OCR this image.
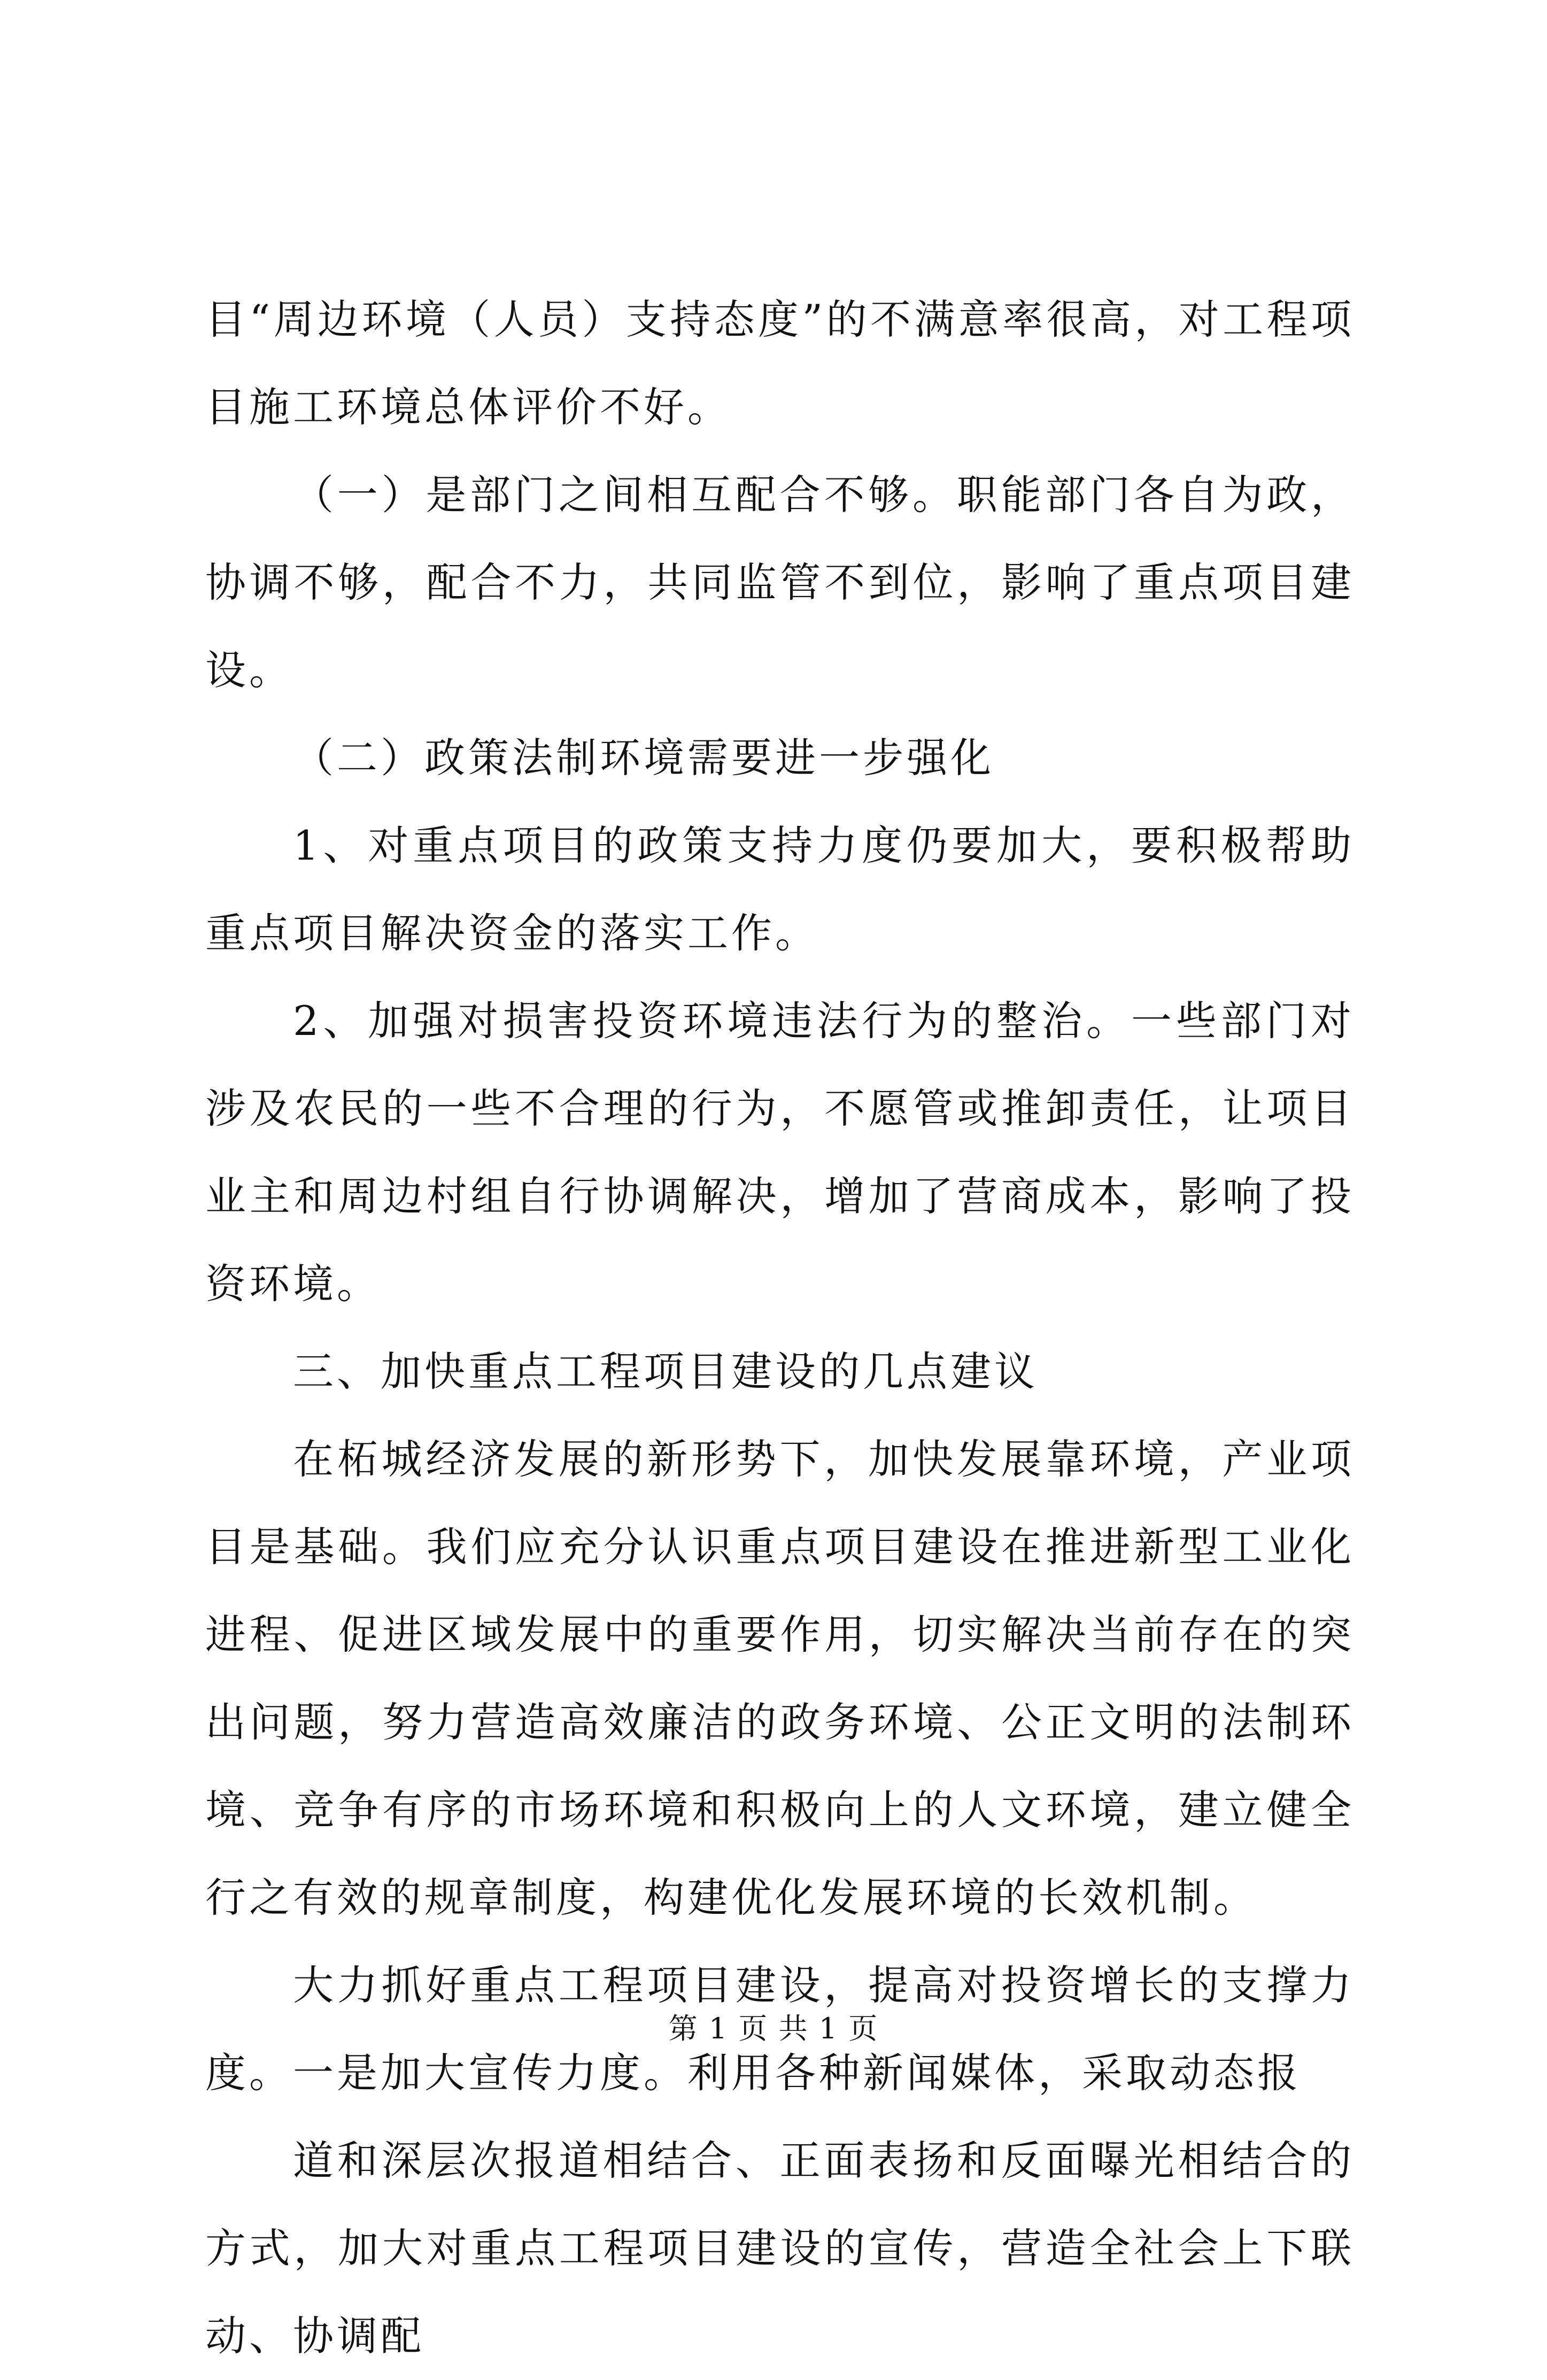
目“周边环境（人员）支持态度”的不满意率很高，对工程项目施工环境总体评价不好。

（一）是部门之间相互配合不够。职能部门各自为政，协调不够，配合不力，共同监管不到位，影响了重点项目建设。

（二）政策法制环境需要进一步强化

1、对重点项目的政策支持力度仍要加大，要积极帮助重点项目解决资金的落实工作。

2、加强对损害投资环境违法行为的整治。一些部门对涉及农民的一些不合理的行为，不愿管或推卸责任，让项目业主和周边村组自行协调解决，增加了营商成本，影响了投资环境。

三、加快重点工程项目建设的几点建议

在柘城经济发展的新形势下，加快发展靠环境，产业项目是基础。我们应充分认识重点项目建设在推进新型工业化进程、促进区域发展中的重要作用，切实解决当前存在的突出问题，努力营造高效廉洁的政务环境、公正文明的法制环境、竞争有序的市场环境和积极向上的人文环境，建立健全行之有效的规章制度，构建优化发展环境的长效机制。

大力抓好重点工程项目建设，提高对投资增长的支撑力度。一是加大宣传力度。利用各种新闻媒体，采取动态报

道和深层次报道相结合、正面表扬和反面曝光相结合的方式，加大对重点工程项目建设的宣传，营造全社会上下联动、协调配

第 1 页 共 1 页
